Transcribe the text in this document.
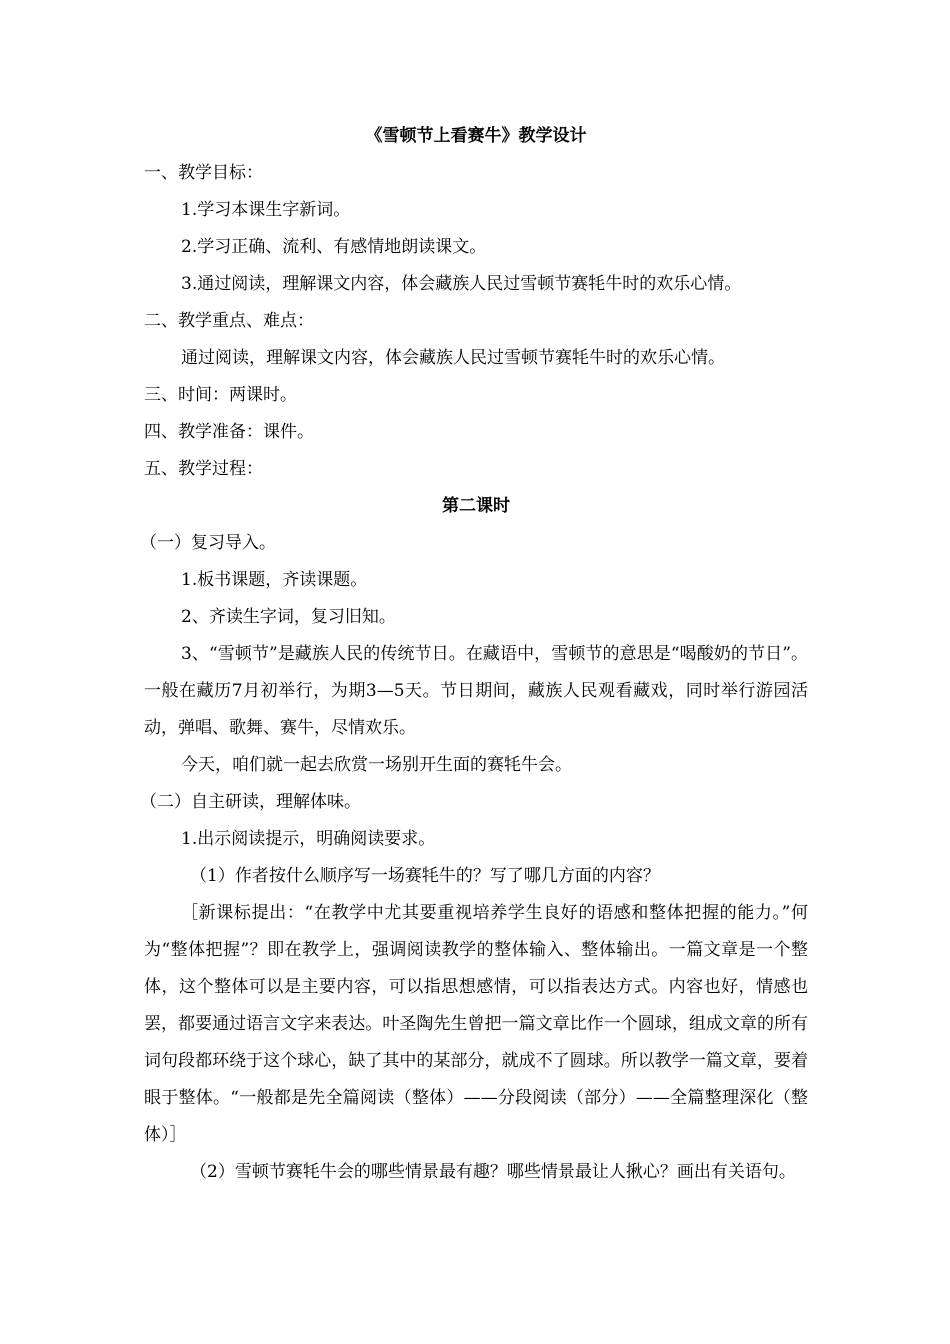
《雪顿节上看赛牛》教学设计
一、教学目标：
1.学习本课生字新词。
2.学习正确、流利、有感情地朗读课文。
3.通过阅读，理解课文内容，体会藏族人民过雪顿节赛牦牛时的欢乐心情。
二、教学重点、难点：
通过阅读，理解课文内容，体会藏族人民过雪顿节赛牦牛时的欢乐心情。
三、时间：两课时。
四、教学准备：课件。
五、教学过程：
第二课时
（一）复习导入。
1.板书课题，齐读课题。
2、齐读生字词，复习旧知。
3、“雪顿节”是藏族人民的传统节日。在藏语中，雪顿节的意思是“喝酸奶的节日”。一般在藏历7月初举行，为期3—5天。节日期间，藏族人民观看藏戏，同时举行游园活动，弹唱、歌舞、赛牛，尽情欢乐。
今天，咱们就一起去欣赏一场别开生面的赛牦牛会。
（二）自主研读，理解体味。
1.出示阅读提示，明确阅读要求。
（1）作者按什么顺序写一场赛牦牛的？写了哪几方面的内容？
［新课标提出：“在教学中尤其要重视培养学生良好的语感和整体把握的能力。”何为“整体把握”？即在教学上，强调阅读教学的整体输入、整体输出。一篇文章是一个整体，这个整体可以是主要内容，可以指思想感情，可以指表达方式。内容也好，情感也罢，都要通过语言文字来表达。叶圣陶先生曾把一篇文章比作一个圆球，组成文章的所有词句段都环绕于这个球心，缺了其中的某部分，就成不了圆球。所以教学一篇文章，要着眼于整体。“一般都是先全篇阅读（整体）——分段阅读（部分）——全篇整理深化（整体）］
（2）雪顿节赛牦牛会的哪些情景最有趣？哪些情景最让人揪心？画出有关语句。
